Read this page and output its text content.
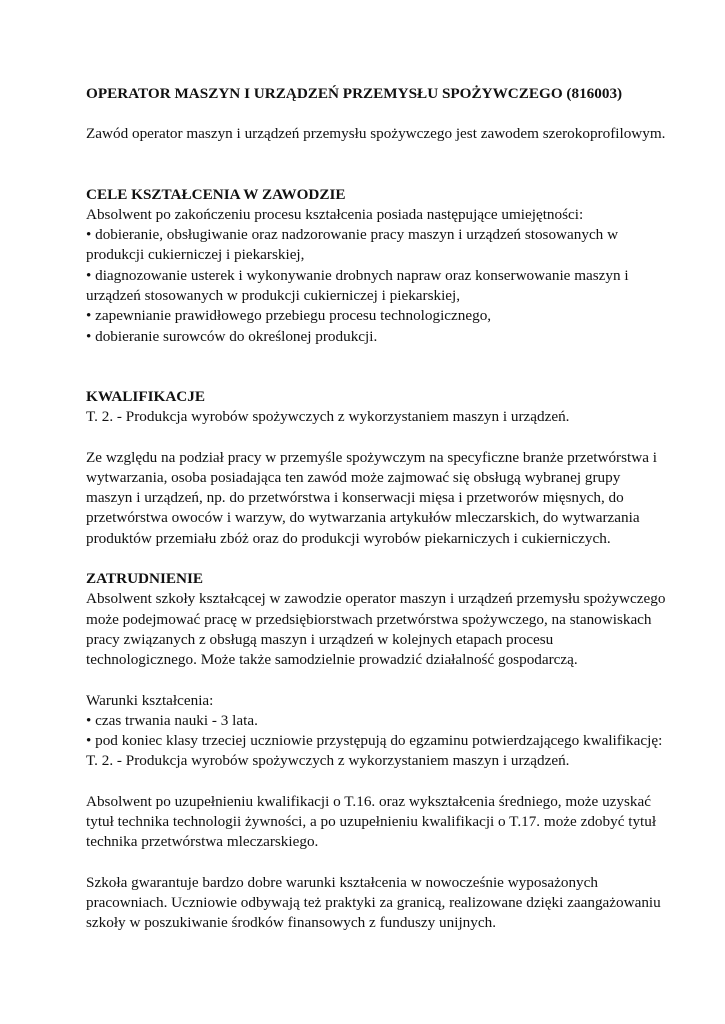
OPERATOR MASZYN I URZĄDZEŃ PRZEMYSŁU SPOŻYWCZEGO (816003)

Zawód operator maszyn i urządzeń przemysłu spożywczego jest zawodem szerokoprofilowym.

CELE KSZTAŁCENIA W ZAWODZIE

Absolwent po zakończeniu procesu kształcenia posiada następujące umiejętności:

• dobieranie, obsługiwanie oraz nadzorowanie pracy maszyn i urządzeń stosowanych w produkcji cukierniczej i piekarskiej,
• diagnozowanie usterek i wykonywanie drobnych napraw oraz konserwowanie maszyn i urządzeń stosowanych w produkcji cukierniczej i piekarskiej,
• zapewnianie prawidłowego przebiegu procesu technologicznego,
• dobieranie surowców do określonej produkcji.

KWALIFIKACJE

T. 2. - Produkcja wyrobów spożywczych z wykorzystaniem maszyn i urządzeń.

Ze względu na podział pracy w przemyśle spożywczym na specyficzne branże przetwórstwa i wytwarzania, osoba posiadająca ten zawód może zajmować się obsługą wybranej grupy maszyn i urządzeń, np. do przetwórstwa i konserwacji mięsa i przetworów mięsnych, do przetwórstwa owoców i warzyw, do wytwarzania artykułów mleczarskich, do wytwarzania produktów przemiału zbóż oraz do produkcji wyrobów piekarniczych i cukierniczych.

ZATRUDNIENIE

Absolwent szkoły kształcącej w zawodzie operator maszyn i urządzeń przemysłu spożywczego może podejmować pracę w przedsiębiorstwach przetwórstwa spożywczego, na stanowiskach pracy związanych z obsługą maszyn i urządzeń w kolejnych etapach procesu technologicznego. Może także samodzielnie prowadzić działalność gospodarczą.

Warunki kształcenia:

• czas trwania nauki - 3 lata.
• pod koniec klasy trzeciej uczniowie przystępują do egzaminu potwierdzającego kwalifikację: T. 2. - Produkcja wyrobów spożywczych z wykorzystaniem maszyn i urządzeń.

Absolwent po uzupełnieniu kwalifikacji o T.16. oraz wykształcenia średniego, może uzyskać tytuł technika technologii żywności, a po uzupełnieniu kwalifikacji o T.17. może zdobyć tytuł technika przetwórstwa mleczarskiego.

Szkoła gwarantuje bardzo dobre warunki kształcenia w nowocześnie wyposażonych pracowniach. Uczniowie odbywają też praktyki za granicą, realizowane dzięki zaangażowaniu szkoły w poszukiwanie środków finansowych z funduszy unijnych.
